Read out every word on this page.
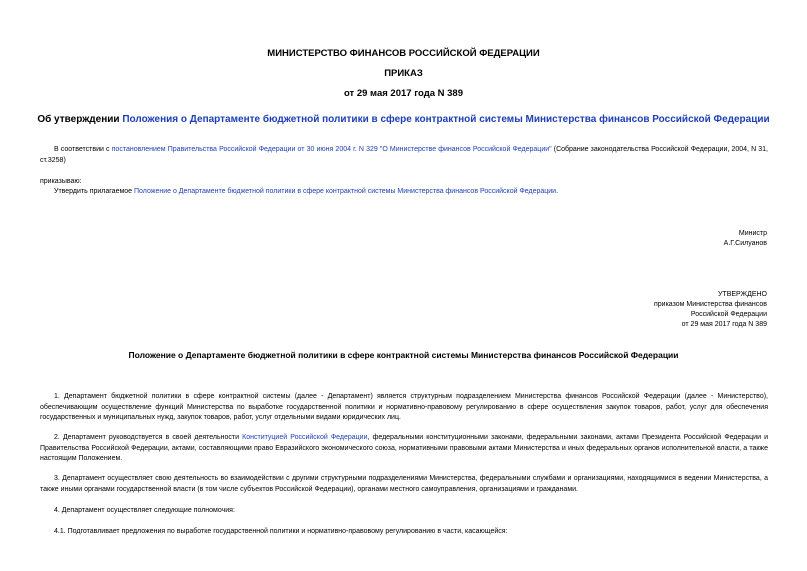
МИНИСТЕРСТВО ФИНАНСОВ РОССИЙСКОЙ ФЕДЕРАЦИИ
ПРИКАЗ
от 29 мая 2017 года N 389
Об утверждении Положения о Департаменте бюджетной политики в сфере контрактной системы Министерства финансов Российской Федерации
В соответствии с постановлением Правительства Российской Федерации от 30 июня 2004 г. N 329 "О Министерстве финансов Российской Федерации" (Собрание законодательства Российской Федерации, 2004, N 31, ст.3258)
приказываю:
Утвердить прилагаемое Положение о Департаменте бюджетной политики в сфере контрактной системы Министерства финансов Российской Федерации.
Министр
А.Г.Силуанов
УТВЕРЖДЕНО
приказом Министерства финансов
Российской Федерации
от 29 мая 2017 года N 389
Положение о Департаменте бюджетной политики в сфере контрактной системы Министерства финансов Российской Федерации
1. Департамент бюджетной политики в сфере контрактной системы (далее - Департамент) является структурным подразделением Министерства финансов Российской Федерации (далее - Министерство), обеспечивающим осуществление функций Министерства по выработке государственной политики и нормативно-правовому регулированию в сфере осуществления закупок товаров, работ, услуг для обеспечения государственных и муниципальных нужд, закупок товаров, работ, услуг отдельными видами юридических лиц.
2. Департамент руководствуется в своей деятельности Конституцией Российской Федерации, федеральными конституционными законами, федеральными законами, актами Президента Российской Федерации и Правительства Российской Федерации, актами, составляющими право Евразийского экономического союза, нормативными правовыми актами Министерства и иных федеральных органов исполнительной власти, а также настоящим Положением.
3. Департамент осуществляет свою деятельность во взаимодействии с другими структурными подразделениями Министерства, федеральными службами и организациями, находящимися в ведении Министерства, а также иными органами государственной власти (в том числе субъектов Российской Федерации), органами местного самоуправления, организациями и гражданами.
4. Департамент осуществляет следующие полномочия:
4.1. Подготавливает предложения по выработке государственной политики и нормативно-правовому регулированию в части, касающейся:
